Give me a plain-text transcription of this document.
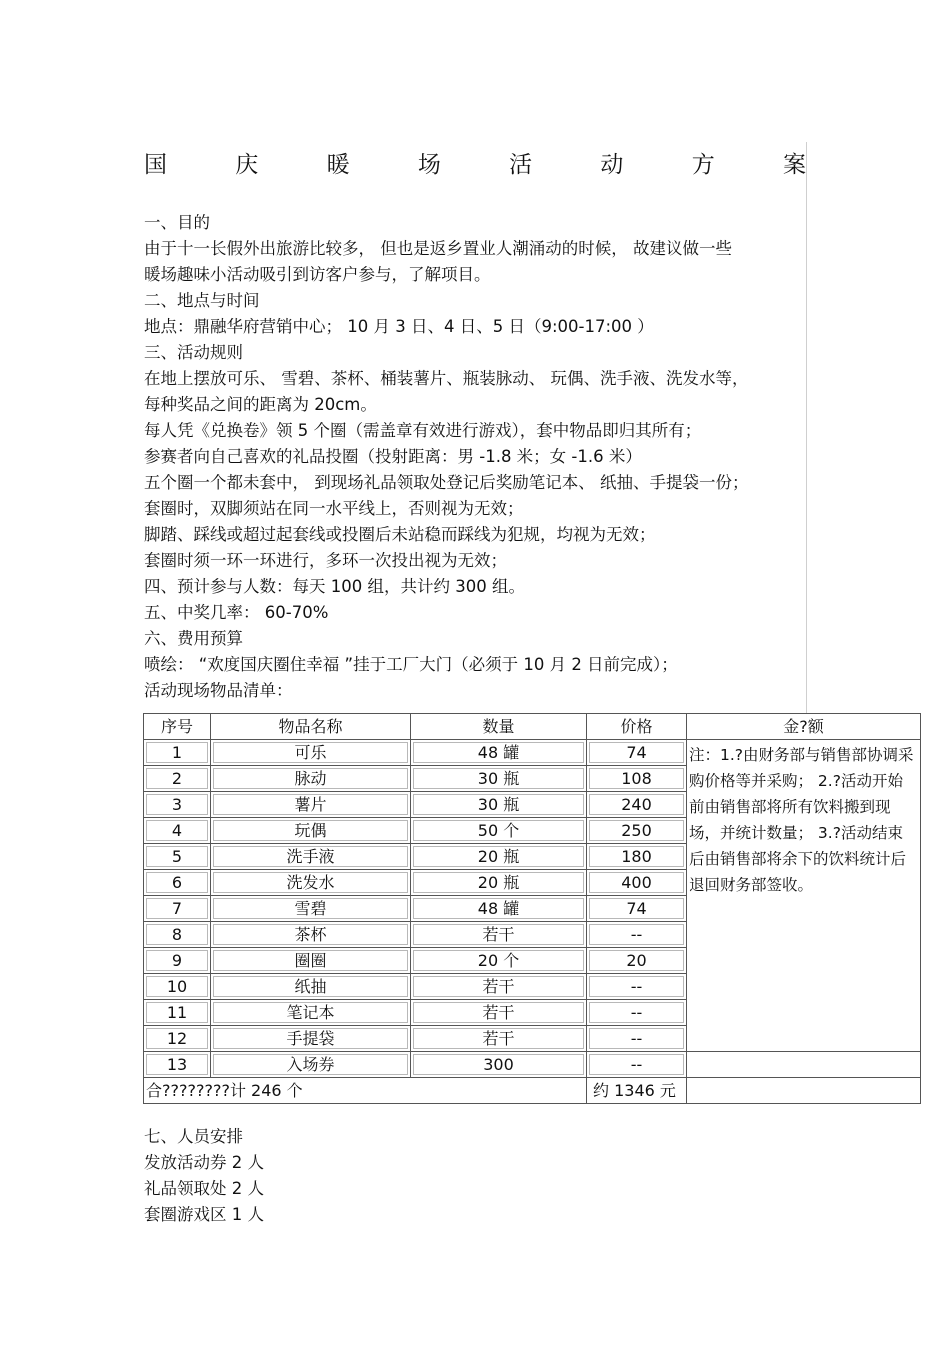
国	庆	暖	场	活	动	方	案
一、目的
由于十一长假外出旅游比较多， 但也是返乡置业人潮涌动的时候， 故建议做一些
暖场趣味小活动吸引到访客户参与，了解项目。
二、地点与时间
地点：鼎融华府营销中心； 10 月 3 日、4 日、5 日（9:00-17:00 ）
三、活动规则
在地上摆放可乐、 雪碧、茶杯、桶装薯片、瓶装脉动、 玩偶、洗手液、洗发水等，
每种奖品之间的距离为 20cm。
每人凭《兑换卷》领 5 个圈（需盖章有效进行游戏），套中物品即归其所有；
参赛者向自己喜欢的礼品投圈（投射距离：男 -1.8 米；女 -1.6 米）
五个圈一个都未套中， 到现场礼品领取处登记后奖励笔记本、 纸抽、手提袋一份；
套圈时，双脚须站在同一水平线上，否则视为无效；
脚踏、踩线或超过起套线或投圈后未站稳而踩线为犯规，均视为无效；
套圈时须一环一环进行，多环一次投出视为无效；
四、预计参与人数：每天 100 组，共计约 300 组。
五、中奖几率： 60-70%
六、费用预算
喷绘： “欢度国庆圈住幸福 ”挂于工厂大门（必须于 10 月 2 日前完成）；
活动现场物品清单：
序号	物品名称	数量	价格	金?额
1	可乐	48 罐	74	注：1.?由财务部与销售部协调采购价格等并采购； 2.?活动开始前由销售部将所有饮料搬到现场，并统计数量； 3.?活动结束后由销售部将余下的饮料统计后退回财务部签收。
2	脉动	30 瓶	108	
3	薯片	30 瓶	240	
4	玩偶	50 个	250	
5	洗手液	20 瓶	180	
6	洗发水	20 瓶	400	
7	雪碧	48 罐	74	
8	茶杯	若干	--	
9	圈圈	20 个	20	
10	纸抽	若干	--	
11	笔记本	若干	--	
12	手提袋	若干	--	
13	入场券	300	--	
合????????计 246 个			约 1346 元	
七、人员安排
发放活动券 2 人
礼品领取处 2 人
套圈游戏区 1 人
